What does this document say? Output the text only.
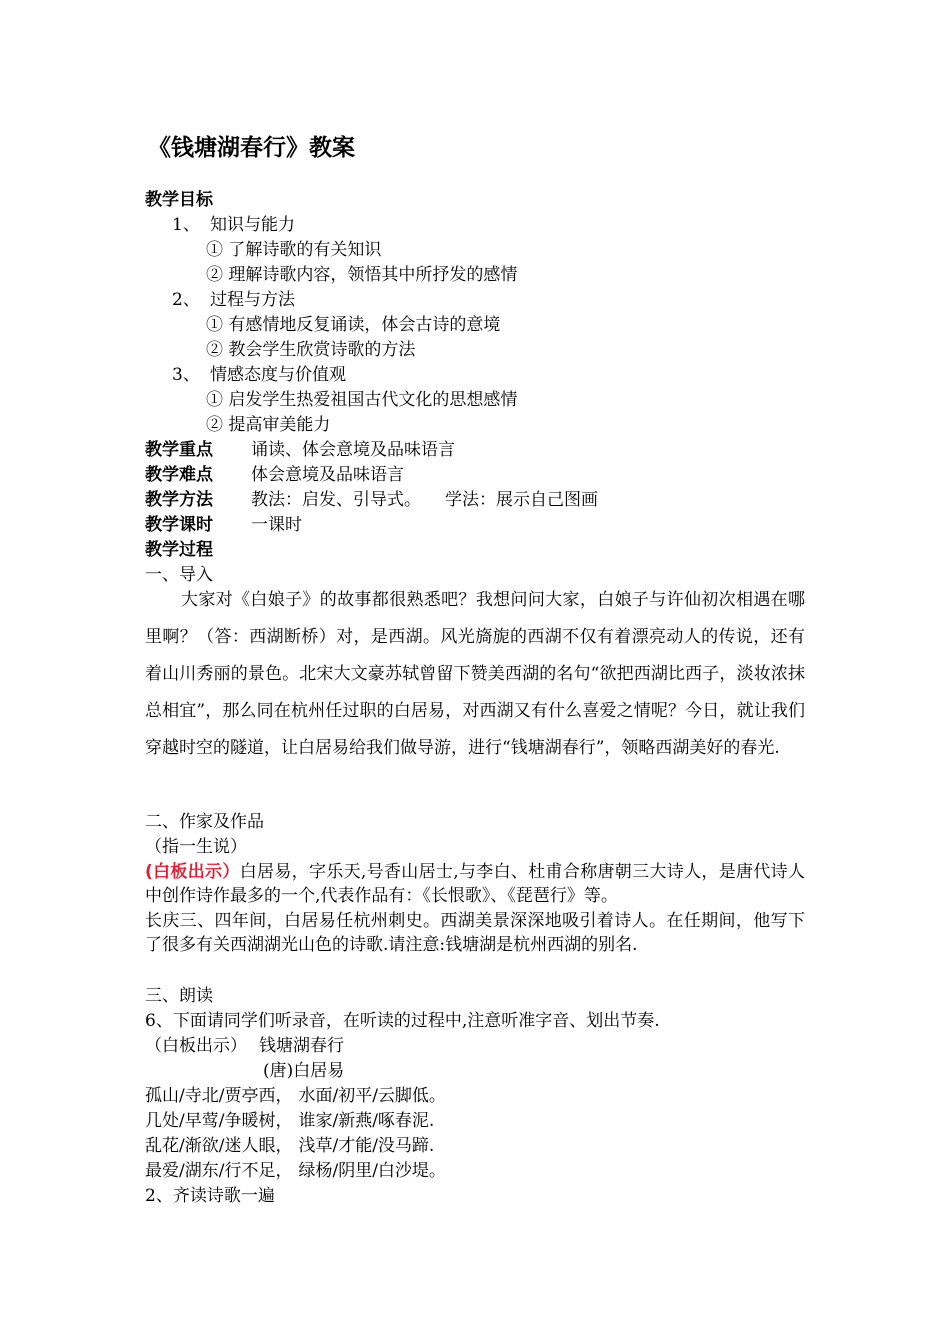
《钱塘湖春行》教案
教学目标
1、 知识与能力
① 了解诗歌的有关知识
② 理解诗歌内容，领悟其中所抒发的感情
2、 过程与方法
① 有感情地反复诵读，体会古诗的意境
② 教会学生欣赏诗歌的方法
3、 情感态度与价值观
① 启发学生热爱祖国古代文化的思想感情
② 提高审美能力
教学重点 诵读、体会意境及品味语言
教学难点 体会意境及品味语言
教学方法 教法：启发、引导式。 学法：展示自己图画
教学课时 一课时
教学过程
一、导入
大家对《白娘子》的故事都很熟悉吧？我想问问大家，白娘子与许仙初次相遇在哪里啊？（答：西湖断桥）对，是西湖。风光旖旎的西湖不仅有着漂亮动人的传说，还有着山川秀丽的景色。北宋大文豪苏轼曾留下赞美西湖的名句“欲把西湖比西子，淡妆浓抹总相宜”，那么同在杭州任过职的白居易，对西湖又有什么喜爱之情呢？今日，就让我们穿越时空的隧道，让白居易给我们做导游，进行“钱塘湖春行”，领略西湖美好的春光.
二、作家及作品
（指一生说）
(白板出示）白居易，字乐天,号香山居士,与李白、杜甫合称唐朝三大诗人，是唐代诗人中创作诗作最多的一个,代表作品有：《长恨歌》、《琵琶行》等。
长庆三、四年间，白居易任杭州刺史。西湖美景深深地吸引着诗人。在任期间，他写下了很多有关西湖湖光山色的诗歌.请注意:钱塘湖是杭州西湖的别名.
三、朗读
6、下面请同学们听录音，在听读的过程中,注意听准字音、划出节奏.
（白板出示） 钱塘湖春行
(唐)白居易
孤山/寺北/贾亭西， 水面/初平/云脚低。
几处/早莺/争暖树， 谁家/新燕/啄春泥.
乱花/渐欲/迷人眼， 浅草/才能/没马蹄.
最爱/湖东/行不足， 绿杨/阴里/白沙堤。
2、齐读诗歌一遍
